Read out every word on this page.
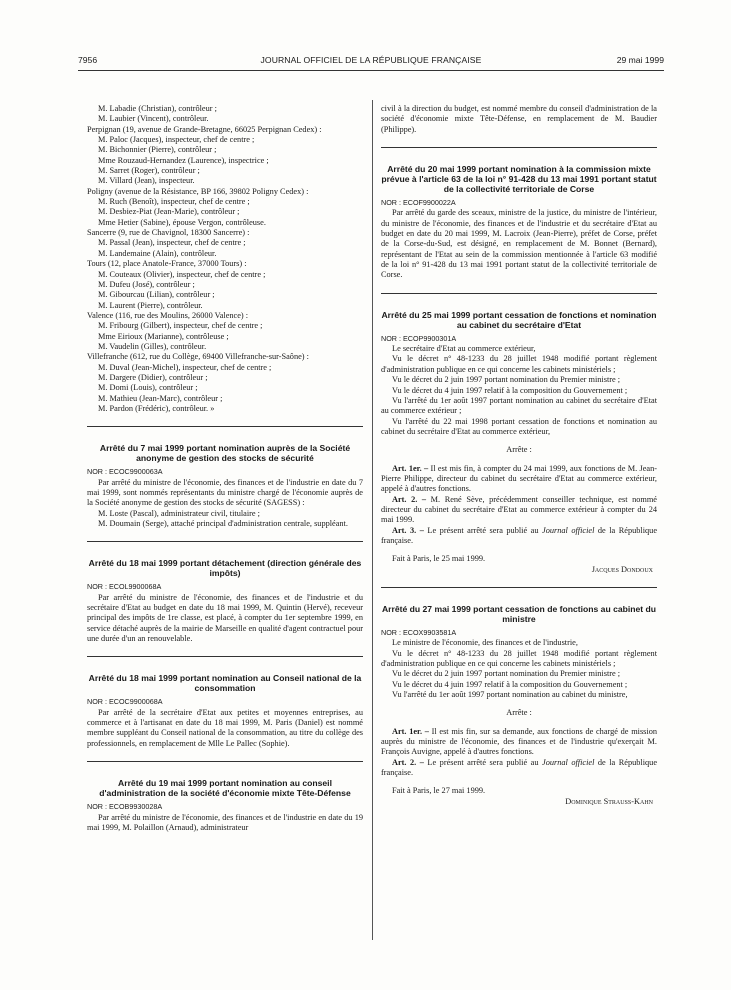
7956	JOURNAL OFFICIEL DE LA RÉPUBLIQUE FRANÇAISE	29 mai 1999

M. Labadie (Christian), contrôleur ;

M. Laubier (Vincent), contrôleur.

Perpignan (19, avenue de Grande-Bretagne, 66025 Perpignan Cedex) :

M. Paloc (Jacques), inspecteur, chef de centre ;

M. Bichonnier (Pierre), contrôleur ;

Mme Rouzaud-Hernandez (Laurence), inspectrice ;

M. Sarret (Roger), contrôleur ;

M. Villard (Jean), inspecteur.

Poligny (avenue de la Résistance, BP 166, 39802 Poligny Cedex) :

M. Ruch (Benoît), inspecteur, chef de centre ;

M. Desbiez-Piat (Jean-Marie), contrôleur ;

Mme Hetier (Sabine), épouse Vergon, contrôleuse.

Sancerre (9, rue de Chavignol, 18300 Sancerre) :

M. Passal (Jean), inspecteur, chef de centre ;

M. Landemaine (Alain), contrôleur.

Tours (12, place Anatole-France, 37000 Tours) :

M. Couteaux (Olivier), inspecteur, chef de centre ;

M. Dufeu (José), contrôleur ;

M. Gibourcau (Lilian), contrôleur ;

M. Laurent (Pierre), contrôleur.

Valence (116, rue des Moulins, 26000 Valence) :

M. Fribourg (Gilbert), inspecteur, chef de centre ;

Mme Eirioux (Marianne), contrôleuse ;

M. Vaudelin (Gilles), contrôleur.

Villefranche (612, rue du Collège, 69400 Villefranche-sur-Saône) :

M. Duval (Jean-Michel), inspecteur, chef de centre ;

M. Dargere (Didier), contrôleur ;

M. Domi (Louis), contrôleur ;

M. Mathieu (Jean-Marc), contrôleur ;

M. Pardon (Frédéric), contrôleur. »

Arrêté du 7 mai 1999 portant nomination auprès de la Société anonyme de gestion des stocks de sécurité

NOR : ECOC9900063A

Par arrêté du ministre de l'économie, des finances et de l'industrie en date du 7 mai 1999, sont nommés représentants du ministre chargé de l'économie auprès de la Société anonyme de gestion des stocks de sécurité (SAGESS) :

M. Loste (Pascal), administrateur civil, titulaire ;

M. Doumain (Serge), attaché principal d'administration centrale, suppléant.

Arrêté du 18 mai 1999 portant détachement (direction générale des impôts)

NOR : ECOL9900068A

Par arrêté du ministre de l'économie, des finances et de l'industrie et du secrétaire d'Etat au budget en date du 18 mai 1999, M. Quintin (Hervé), receveur principal des impôts de 1re classe, est placé, à compter du 1er septembre 1999, en service détaché auprès de la mairie de Marseille en qualité d'agent contractuel pour une durée d'un an renouvelable.

Arrêté du 18 mai 1999 portant nomination au Conseil national de la consommation

NOR : ECOC9900068A

Par arrêté de la secrétaire d'Etat aux petites et moyennes entreprises, au commerce et à l'artisanat en date du 18 mai 1999, M. Paris (Daniel) est nommé membre suppléant du Conseil national de la consommation, au titre du collège des professionnels, en remplacement de Mlle Le Pallec (Sophie).

Arrêté du 19 mai 1999 portant nomination au conseil d'administration de la société d'économie mixte Tête-Défense

NOR : ECOB9930028A

Par arrêté du ministre de l'économie, des finances et de l'industrie en date du 19 mai 1999, M. Polaillon (Arnaud), administrateur

civil à la direction du budget, est nommé membre du conseil d'administration de la société d'économie mixte Tête-Défense, en remplacement de M. Baudier (Philippe).

Arrêté du 20 mai 1999 portant nomination à la commission mixte prévue à l'article 63 de la loi n° 91-428 du 13 mai 1991 portant statut de la collectivité territoriale de Corse

NOR : ECOF9900022A

Par arrêté du garde des sceaux, ministre de la justice, du ministre de l'intérieur, du ministre de l'économie, des finances et de l'industrie et du secrétaire d'Etat au budget en date du 20 mai 1999, M. Lacroix (Jean-Pierre), préfet de Corse, préfet de la Corse-du-Sud, est désigné, en remplacement de M. Bonnet (Bernard), représentant de l'Etat au sein de la commission mentionnée à l'article 63 modifié de la loi n° 91-428 du 13 mai 1991 portant statut de la collectivité territoriale de Corse.

Arrêté du 25 mai 1999 portant cessation de fonctions et nomination au cabinet du secrétaire d'Etat

NOR : ECOP9900301A

Le secrétaire d'Etat au commerce extérieur,

Vu le décret n° 48-1233 du 28 juillet 1948 modifié portant règlement d'administration publique en ce qui concerne les cabinets ministériels ;

Vu le décret du 2 juin 1997 portant nomination du Premier ministre ;

Vu le décret du 4 juin 1997 relatif à la composition du Gouvernement ;

Vu l'arrêté du 1er août 1997 portant nomination au cabinet du secrétaire d'Etat au commerce extérieur ;

Vu l'arrêté du 22 mai 1998 portant cessation de fonctions et nomination au cabinet du secrétaire d'Etat au commerce extérieur,

Arrête :

Art. 1er. – Il est mis fin, à compter du 24 mai 1999, aux fonctions de M. Jean-Pierre Philippe, directeur du cabinet du secrétaire d'Etat au commerce extérieur, appelé à d'autres fonctions.

Art. 2. – M. René Sève, précédemment conseiller technique, est nommé directeur du cabinet du secrétaire d'Etat au commerce extérieur à compter du 24 mai 1999.

Art. 3. – Le présent arrêté sera publié au Journal officiel de la République française.

Fait à Paris, le 25 mai 1999.

Jacques Dondoux

Arrêté du 27 mai 1999 portant cessation de fonctions au cabinet du ministre

NOR : ECOX9903581A

Le ministre de l'économie, des finances et de l'industrie,

Vu le décret n° 48-1233 du 28 juillet 1948 modifié portant règlement d'administration publique en ce qui concerne les cabinets ministériels ;

Vu le décret du 2 juin 1997 portant nomination du Premier ministre ;

Vu le décret du 4 juin 1997 relatif à la composition du Gouvernement ;

Vu l'arrêté du 1er août 1997 portant nomination au cabinet du ministre,

Arrête :

Art. 1er. – Il est mis fin, sur sa demande, aux fonctions de chargé de mission auprès du ministre de l'économie, des finances et de l'industrie qu'exerçait M. François Auvigne, appelé à d'autres fonctions.

Art. 2. – Le présent arrêté sera publié au Journal officiel de la République française.

Fait à Paris, le 27 mai 1999.

Dominique Strauss-Kahn
